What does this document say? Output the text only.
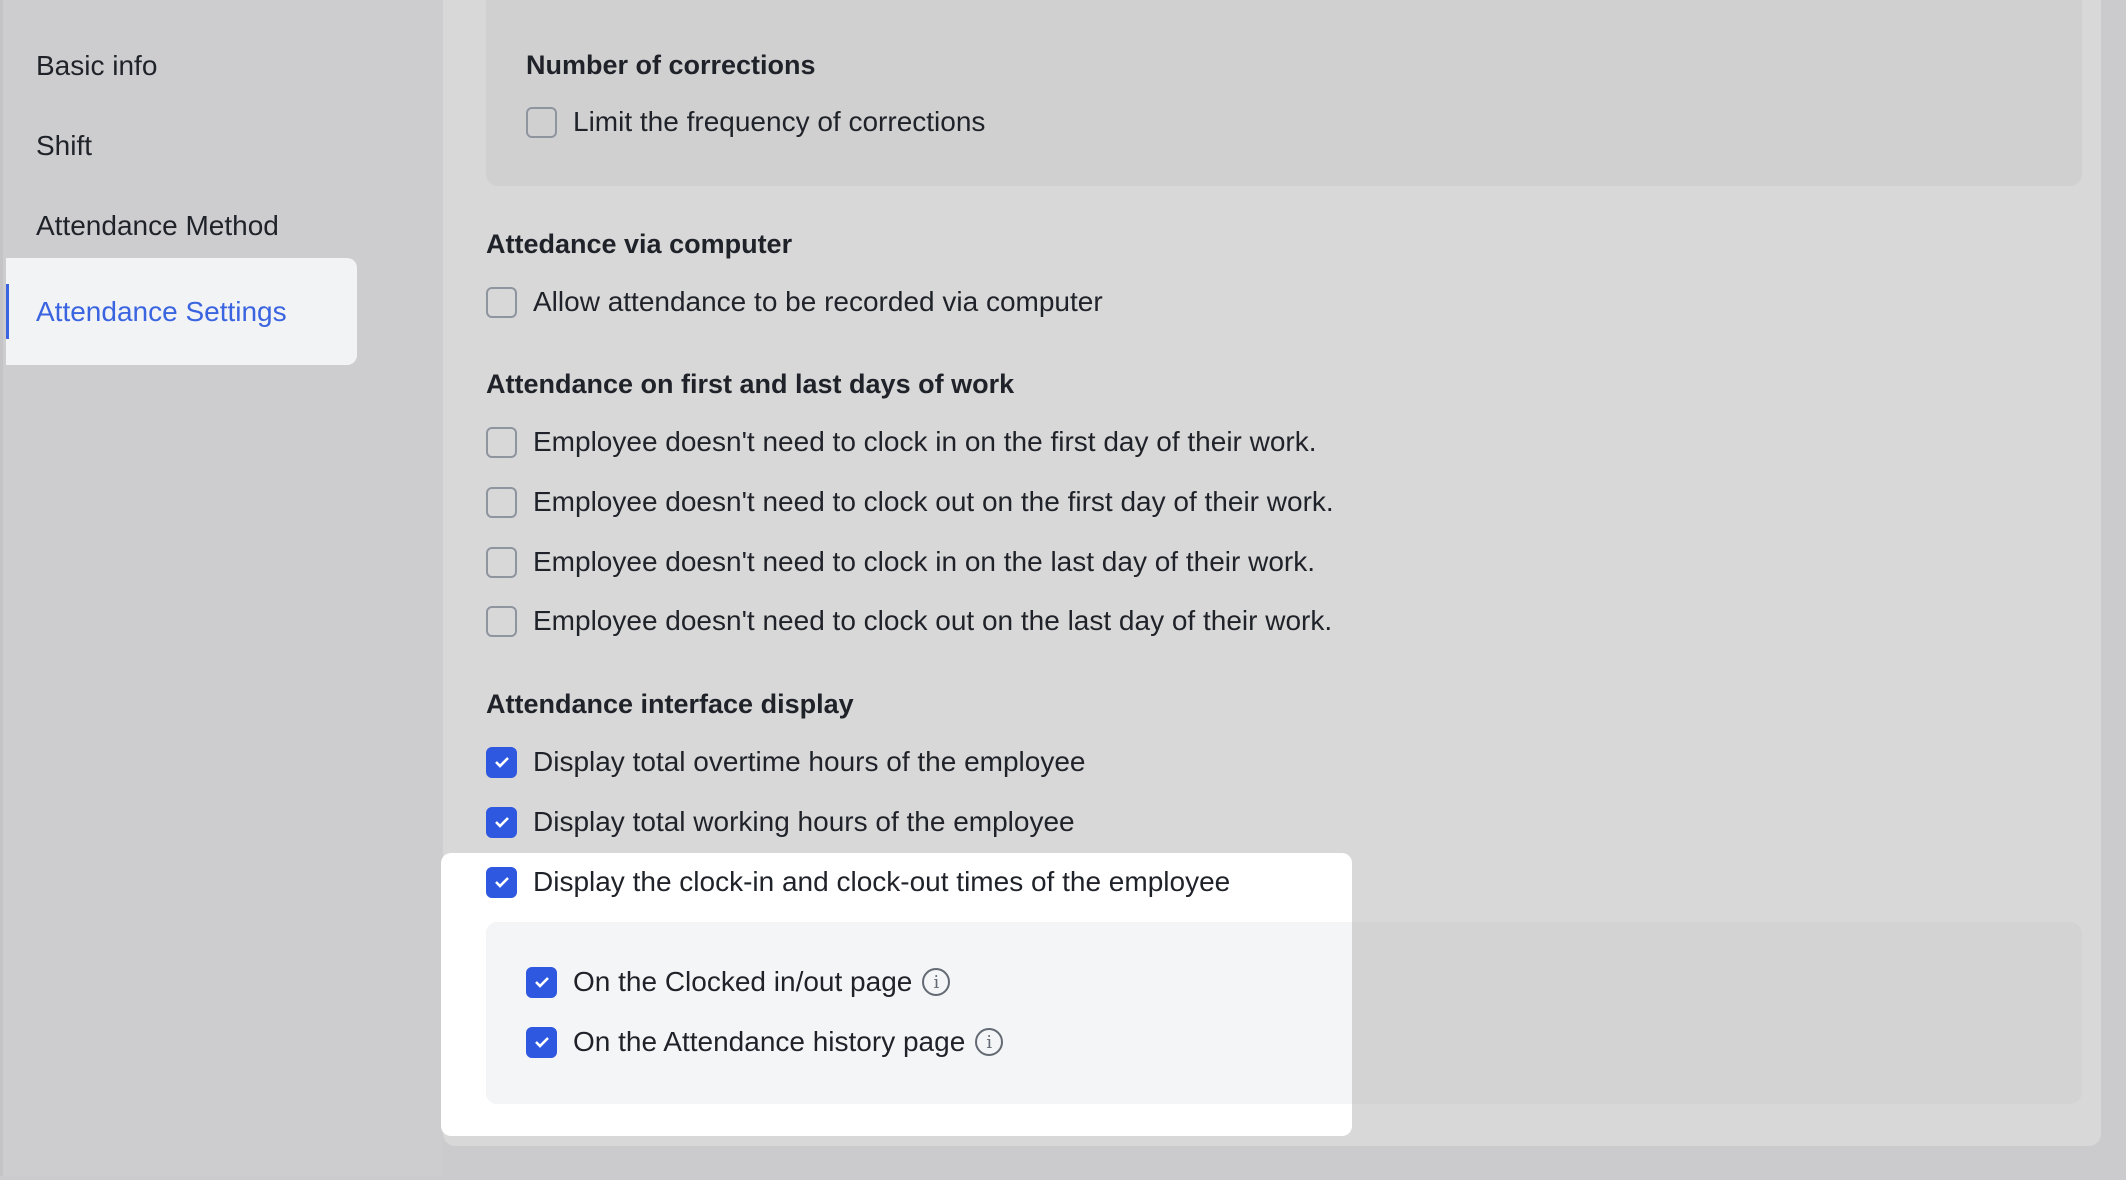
Basic info
Shift
Attendance Method
Attendance Settings
Number of corrections
Limit the frequency of corrections
Attedance via computer
Allow attendance to be recorded via computer
Attendance on first and last days of work
Employee doesn't need to clock in on the first day of their work.
Employee doesn't need to clock out on the first day of their work.
Employee doesn't need to clock in on the last day of their work.
Employee doesn't need to clock out on the last day of their work.
Attendance interface display
Display total overtime hours of the employee
Display total working hours of the employee
Display the clock-in and clock-out times of the employee
On the Clocked in/out page	i
On the Attendance history page	i
